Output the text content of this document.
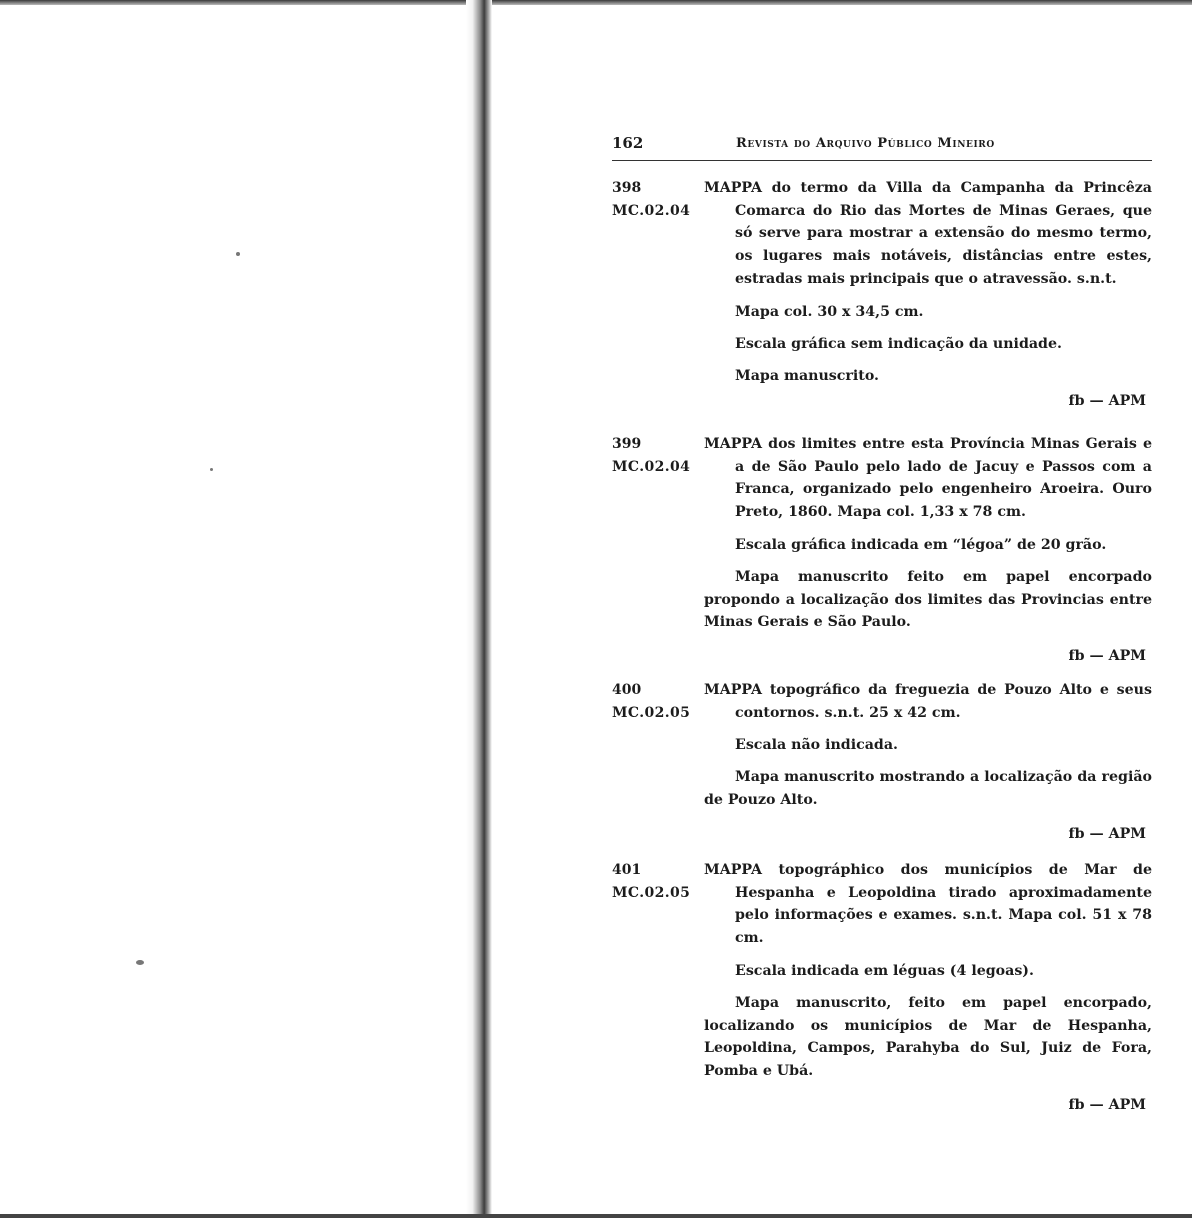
162	Revista do Arquivo Público Mineiro
398
MC.02.04

MAPPA do termo da Villa da Campanha da Princêza Comarca do Rio das Mortes de Minas Geraes, que só serve para mostrar a extensão do mesmo termo, os lugares mais notáveis, distâncias entre estes, estradas mais principais que o atravessão. s.n.t.

Mapa col. 30 x 34,5 cm.
Escala gráfica sem indicação da unidade.
Mapa manuscrito.
fb — APM
399
MC.02.04

MAPPA dos limites entre esta Província Minas Gerais e a de São Paulo pelo lado de Jacuy e Passos com a Franca, organizado pelo engenheiro Aroeira. Ouro Preto, 1860. Mapa col. 1,33 x 78 cm.

Escala gráfica indicada em “légoa” de 20 grão.

Mapa manuscrito feito em papel encorpado propondo a localização dos limites das Provincias entre Minas Gerais e São Paulo.

fb — APM
400
MC.02.05

MAPPA topográfico da freguezia de Pouzo Alto e seus contornos. s.n.t. 25 x 42 cm.

Escala não indicada.

Mapa manuscrito mostrando a localização da região de Pouzo Alto.

fb — APM
401
MC.02.05

MAPPA topográphico dos municípios de Mar de Hespanha e Leopoldina tirado aproximadamente pelo informações e exames. s.n.t. Mapa col. 51 x 78 cm.

Escala indicada em léguas (4 legoas).

Mapa manuscrito, feito em papel encorpado, localizando os municípios de Mar de Hespanha, Leopoldina, Campos, Parahyba do Sul, Juiz de Fora, Pomba e Ubá.

fb — APM
